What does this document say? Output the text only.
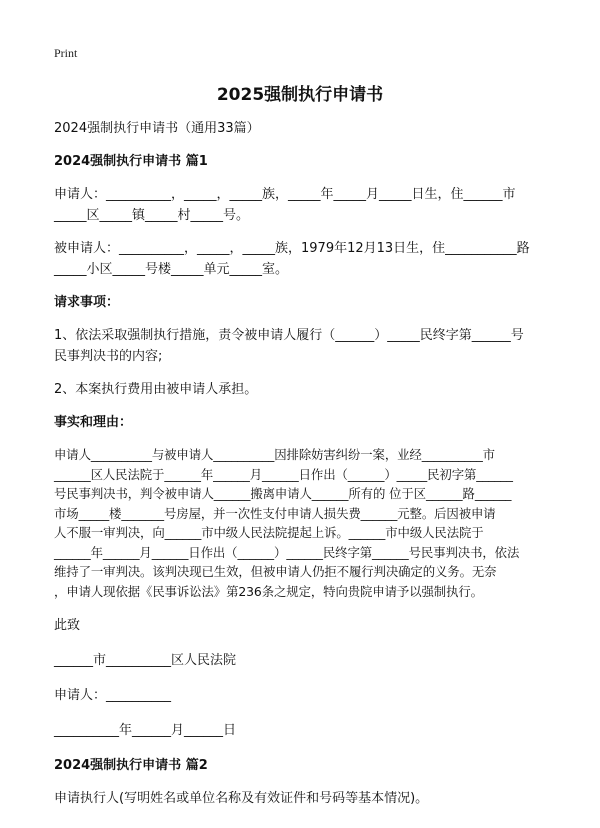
Print
2025强制执行申请书
2024强制执行申请书（通用33篇）
2024强制执行申请书 篇1
申请人：__________，_____，_____族，_____年_____月_____日生，住______市
_____区_____镇_____村_____号。
被申请人：__________，_____，_____族，1979年12月13日生，住___________路
_____小区_____号楼_____单元_____室。
请求事项：
1、依法采取强制执行措施，责令被申请人履行（______）_____民终字第______号
民事判决书的内容;
2、本案执行费用由被申请人承担。
事实和理由：
申请人__________与被申请人__________因排除妨害纠纷一案，业经__________市
______区人民法院于______年______月______日作出（______）_____民初字第______
号民事判决书，判令被申请人______搬离申请人______所有的 位于区______路______
市场_____楼_______号房屋，并一次性支付申请人损失费______元整。后因被申请
人不服一审判决，向______市中级人民法院提起上诉。______市中级人民法院于
______年______月______日作出（______）______民终字第______号民事判决书，依法
维持了一审判决。该判决现已生效，但被申请人仍拒不履行判决确定的义务。无奈
，申请人现依据《民事诉讼法》第236条之规定，特向贵院申请予以强制执行。
此致
______市__________区人民法院
申请人：__________
__________年______月______日
2024强制执行申请书 篇2
申请执行人(写明姓名或单位名称及有效证件和号码等基本情况)。
